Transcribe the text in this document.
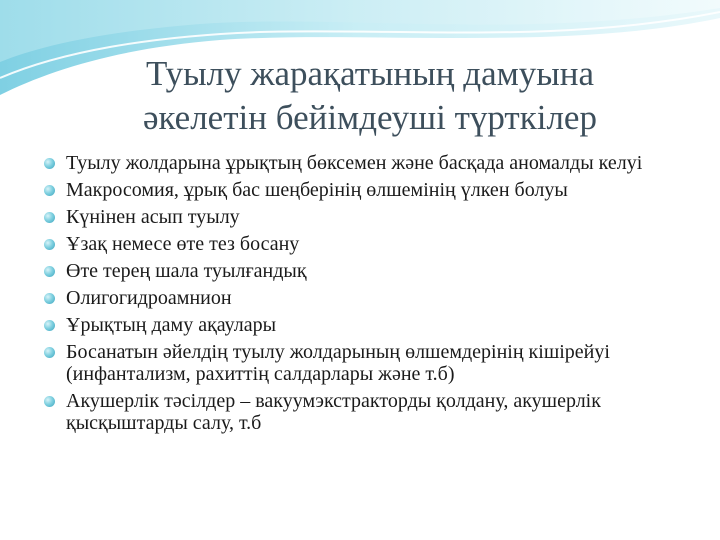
Туылу жарақатының дамуына
әкелетін бейімдеуші түрткілер
Туылу жолдарына ұрықтың бөксемен және басқада аномалды келуі
Макросомия, ұрық бас шеңберінің өлшемінің үлкен болуы
Күнінен асып туылу
Ұзақ немесе өте тез босану
Өте терең шала туылғандық
Олигогидроамнион
Ұрықтың даму ақаулары
Босанатын әйелдің туылу жолдарының өлшемдерінің кішірейуі (инфантализм, рахиттің салдарлары және т.б)
Акушерлік тәсілдер – вакуумэкстракторды қолдану, акушерлік қысқыштарды салу, т.б
